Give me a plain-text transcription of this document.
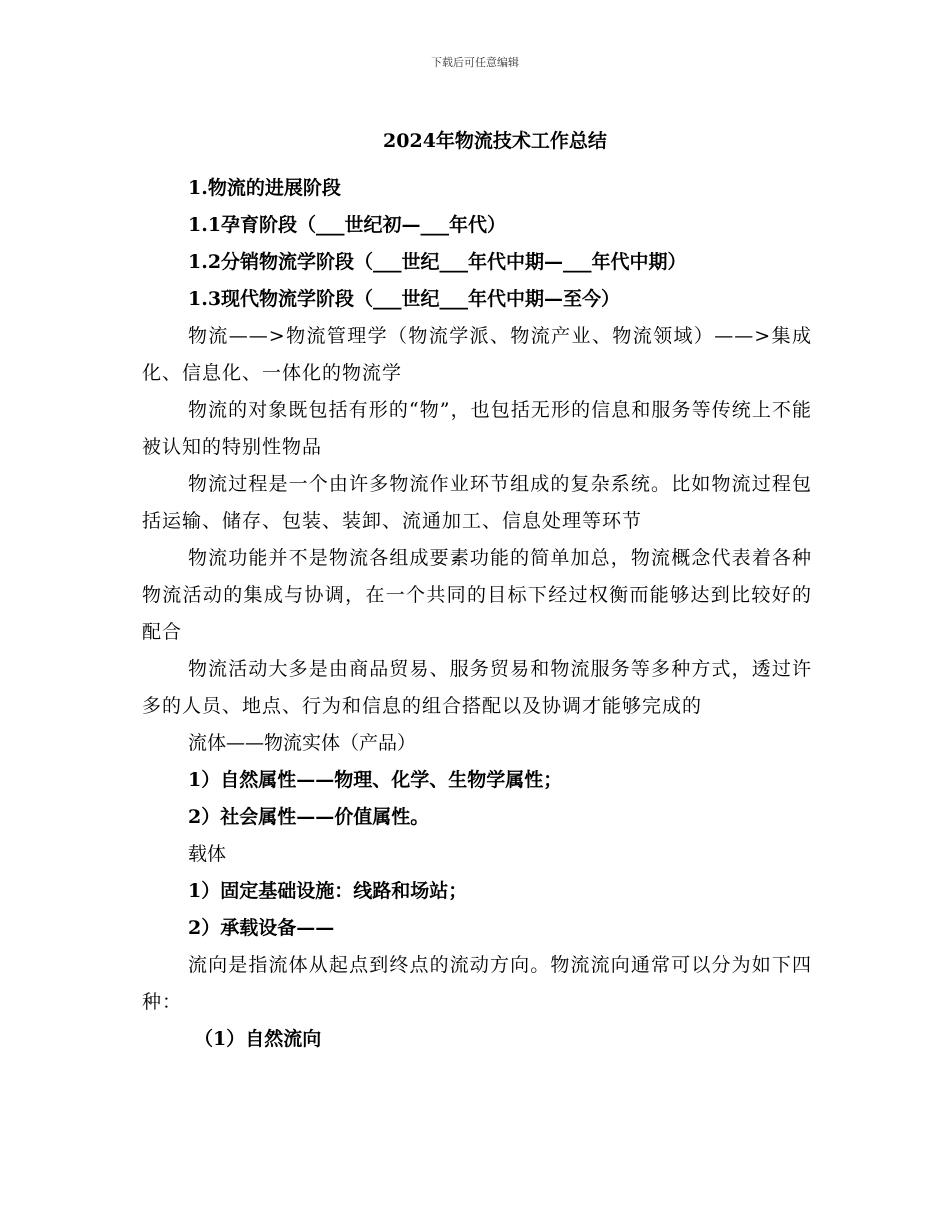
下载后可任意编辑
2024年物流技术工作总结

1.物流的进展阶段

1.1孕育阶段（___世纪初—___年代）

1.2分销物流学阶段（___世纪___年代中期—___年代中期）

1.3现代物流学阶段（___世纪___年代中期—至今）

物流——>物流管理学（物流学派、物流产业、物流领域）——>集成化、信息化、一体化的物流学

物流的对象既包括有形的“物”，也包括无形的信息和服务等传统上不能被认知的特别性物品

物流过程是一个由许多物流作业环节组成的复杂系统。比如物流过程包括运输、储存、包装、装卸、流通加工、信息处理等环节

物流功能并不是物流各组成要素功能的简单加总，物流概念代表着各种物流活动的集成与协调，在一个共同的目标下经过权衡而能够达到比较好的配合

物流活动大多是由商品贸易、服务贸易和物流服务等多种方式，透过许多的人员、地点、行为和信息的组合搭配以及协调才能够完成的

流体——物流实体（产品）

1）自然属性——物理、化学、生物学属性；

2）社会属性——价值属性。

载体

1）固定基础设施：线路和场站；

2）承载设备——

流向是指流体从起点到终点的流动方向。物流流向通常可以分为如下四种：

（1）自然流向
